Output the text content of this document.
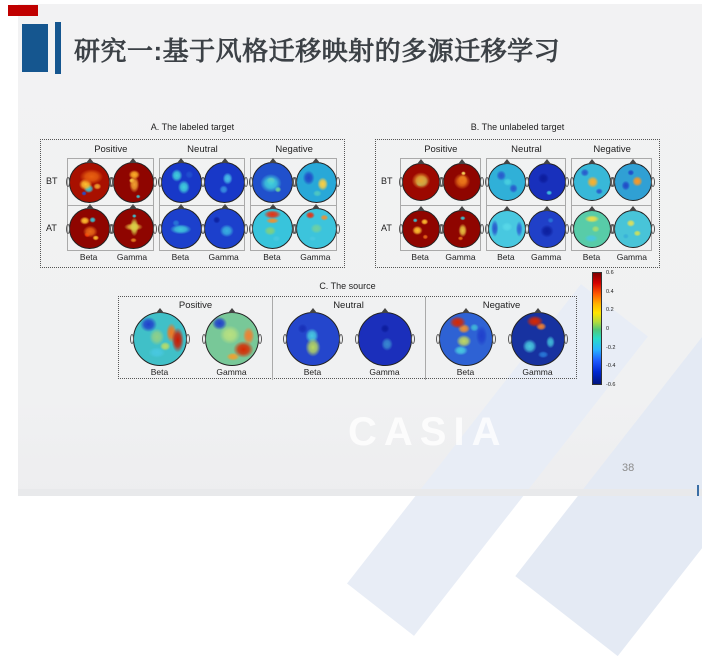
CASIA
研究一:基于风格迁移映射的多源迁移学习
A. The labeled target
Positive
Beta	Gamma
Neutral
Beta	Gamma
Negative
Beta	Gamma
BT
AT
B. The unlabeled target
Positive
Beta	Gamma
Neutral
Beta	Gamma
Negative
Beta	Gamma
BT
AT
C. The source
Positive
Beta	Gamma
Neutral
Beta	Gamma
Negative
Beta	Gamma
0.6
0.4
0.2
0
-0.2
-0.4
-0.6
38
